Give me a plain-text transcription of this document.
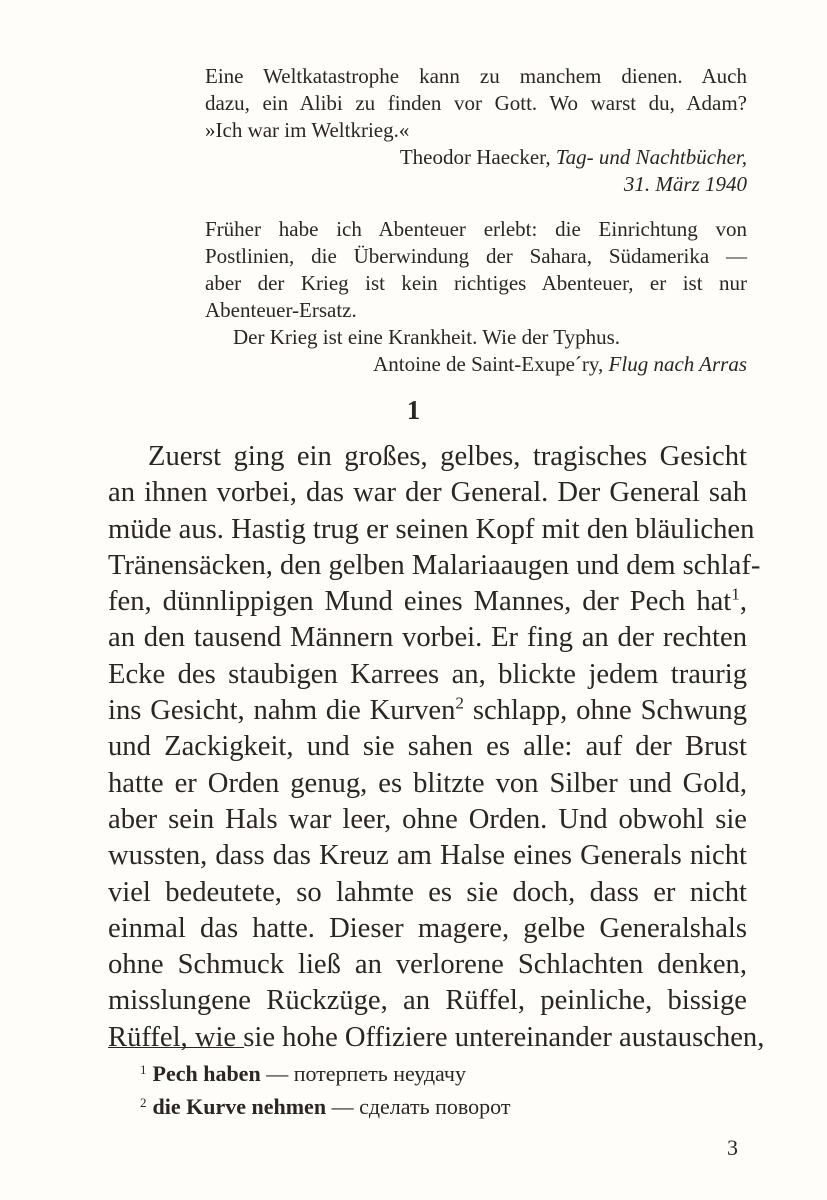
Eine Weltkatastrophe kann zu manchem dienen. Auch
dazu, ein Alibi zu finden vor Gott. Wo warst du, Adam?
»Ich war im Weltkrieg.«

Theodor Haecker, Tag- und Nachtbücher,
31. März 1940

Früher habe ich Abenteuer erlebt: die Einrichtung von
Postlinien, die Überwindung der Sahara, Südamerika —
aber der Krieg ist kein richtiges Abenteuer, er ist nur
Abenteuer-Ersatz.

Der Krieg ist eine Krankheit. Wie der Typhus.

Antoine de Saint-Exupe´ry, Flug nach Arras

1
Zuerst ging ein großes, gelbes, tragisches Gesicht
an ihnen vorbei, das war der General. Der General sah
müde aus. Hastig trug er seinen Kopf mit den bläulichen
Tränensäcken, den gelben Malariaaugen und dem schlaf-
fen, dünnlippigen Mund eines Mannes, der Pech hat$^1$,
an den tausend Männern vorbei. Er fing an der rechten
Ecke des staubigen Karrees an, blickte jedem traurig
ins Gesicht, nahm die Kurven$^2$ schlapp, ohne Schwung
und Zackigkeit, und sie sahen es alle: auf der Brust
hatte er Orden genug, es blitzte von Silber und Gold,
aber sein Hals war leer, ohne Orden. Und obwohl sie
wussten, dass das Kreuz am Halse eines Generals nicht
viel bedeutete, so lahmte es sie doch, dass er nicht
einmal das hatte. Dieser magere, gelbe Generalshals
ohne Schmuck ließ an verlorene Schlachten denken,
misslungene Rückzüge, an Rüffel, peinliche, bissige
Rüffel, wie sie hohe Offiziere untereinander austauschen,
$^1$ Pech haben — потерпеть неудачу
$^2$ die Kurve nehmen — сделать поворот
3
